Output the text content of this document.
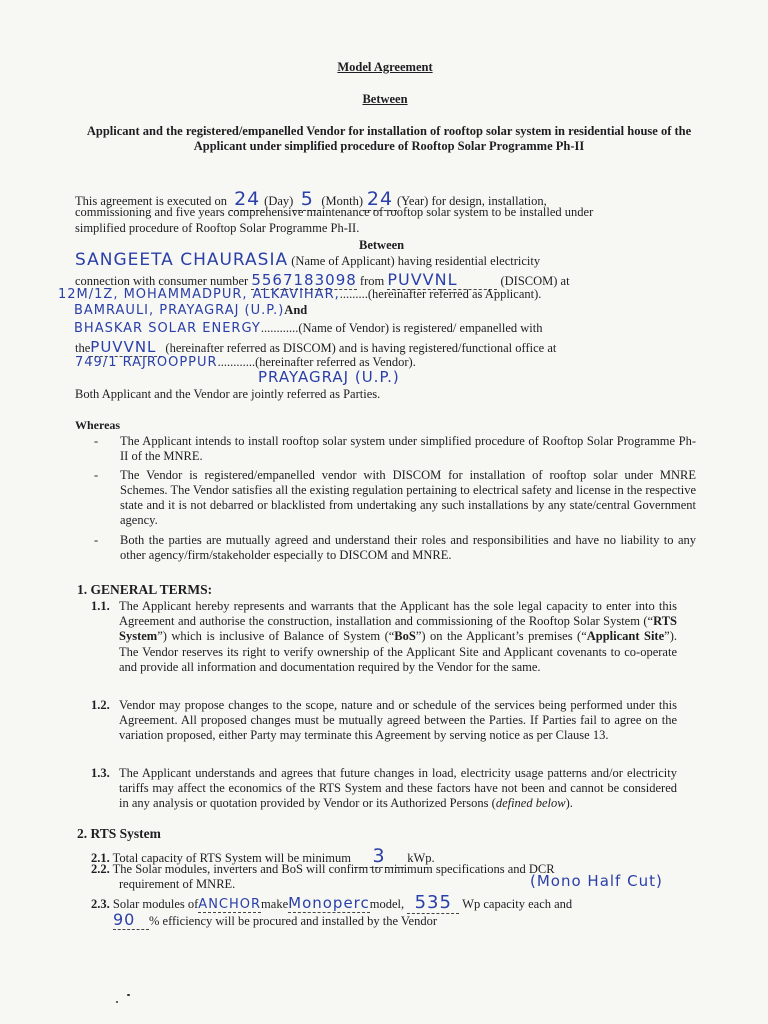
Model Agreement
Between
Applicant and the registered/empanelled Vendor for installation of rooftop solar system in residential house of the Applicant under simplified procedure of Rooftop Solar Programme Ph-II
This agreement is executed on 24 (Day) 5 (Month) 24 (Year) for design, installation,
commissioning and five years comprehensive maintenance of rooftop solar system to be installed under
simplified procedure of Rooftop Solar Programme Ph-II.
Between
SANGEETA CHAURASIA (Name of Applicant) having residential electricity
connection with consumer number 5567183098 from PUVVNL	(DISCOM) at
12M/1Z, MOHAMMADPUR, ALKAVIHAR,.........(hereinafter referred as Applicant).
BAMRAULI, PRAYAGRAJ (U.P.)And
BHASKAR SOLAR ENERGY............(Name of Vendor) is registered/ empanelled with
thePUVVNL (hereinafter referred as DISCOM) and is having registered/functional office at
749/1 RAJROOPPUR............(hereinafter referred as Vendor).
PRAYAGRAJ (U.P.)
Both Applicant and the Vendor are jointly referred as Parties.
Whereas
- The Applicant intends to install rooftop solar system under simplified procedure of Rooftop Solar Programme Ph-II of the MNRE.
- The Vendor is registered/empanelled vendor with DISCOM for installation of rooftop solar under MNRE Schemes. The Vendor satisfies all the existing regulation pertaining to electrical safety and license in the respective state and it is not debarred or blacklisted from undertaking any such installations by any state/central Government agency.
- Both the parties are mutually agreed and understand their roles and responsibilities and have no liability to any other agency/firm/stakeholder especially to DISCOM and MNRE.
1. GENERAL TERMS:
1.1. The Applicant hereby represents and warrants that the Applicant has the sole legal capacity to enter into this Agreement and authorise the construction, installation and commissioning of the Rooftop Solar System (“RTS System”) which is inclusive of Balance of System (“BoS”) on the Applicant’s premises (“Applicant Site”). The Vendor reserves its right to verify ownership of the Applicant Site and Applicant covenants to co-operate and provide all information and documentation required by the Vendor for the same.
1.2. Vendor may propose changes to the scope, nature and or schedule of the services being performed under this Agreement. All proposed changes must be mutually agreed between the Parties. If Parties fail to agree on the variation proposed, either Party may terminate this Agreement by serving notice as per Clause 13.
1.3. The Applicant understands and agrees that future changes in load, electricity usage patterns and/or electricity tariffs may affect the economics of the RTS System and these factors have not been and cannot be considered in any analysis or quotation provided by Vendor or its Authorized Persons (defined below).
2. RTS System
2.1. Total capacity of RTS System will be minimum 3 kWp.
2.2. The Solar modules, inverters and BoS will confirm to minimum specifications and DCR
requirement of MNRE.
2.3. Solar modules ofANCHORmakeMonopercmodel, 535 Wp capacity each and
(Mono Half Cut)
90 % efficiency will be procured and installed by the Vendor
